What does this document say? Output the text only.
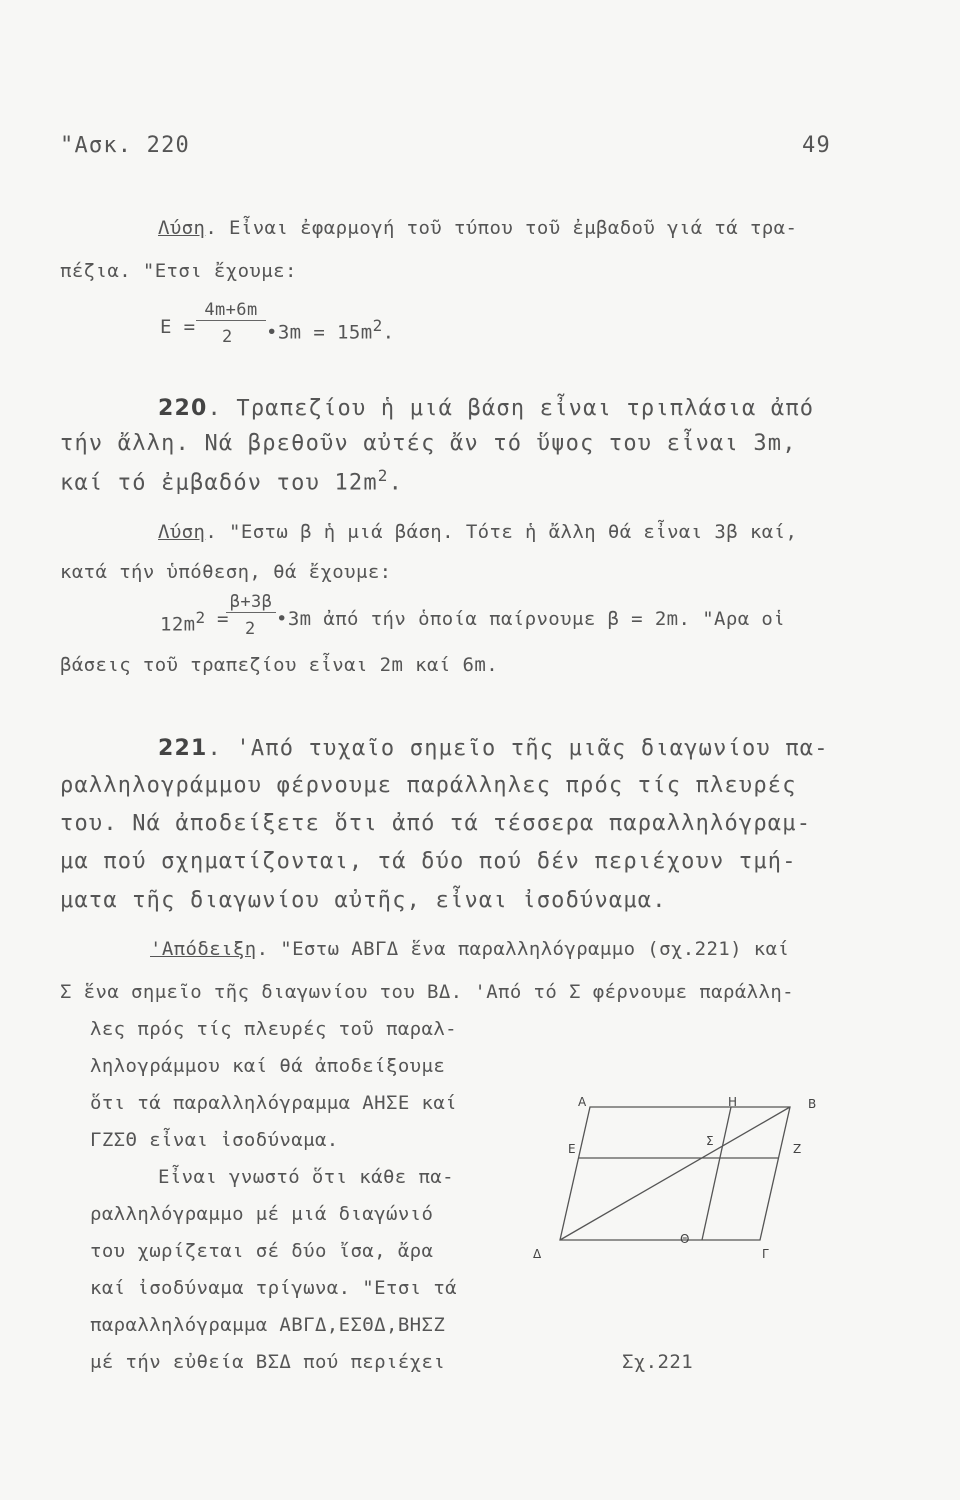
"Ασκ. 220	49
Λύση. Εἶναι ἐφαρμογή τοῦ τύπου τοῦ ἐμβαδοῦ γιά τά τρα-
πέζια. "Ετσι ἔχουμε:
Ε =
4m+6m
2 •3m = $15m^2$.
220. Τραπεζίου ἡ μιά βάση εἶναι τριπλάσια ἀπό
τήν ἄλλη. Νά βρεθοῦν αὐτές ἄν τό ὕψος του εἶναι 3m,
καί τό ἐμβαδόν του $12m^2$.
Λύση. "Εστω β ἡ μιά βάση. Τότε ἡ ἄλλη θά εἶναι 3β καί,
κατά τήν ὑπόθεση, θά ἔχουμε:
$12m^2$ =
β+3β
2 •3m ἀπό τήν ὁποία παίρνουμε β = 2m. "Αρα οἱ
βάσεις τοῦ τραπεζίου εἶναι 2m καί 6m.
221. 'Από τυχαῖο σημεῖο τῆς μιᾶς διαγωνίου πα-
ραλληλογράμμου φέρνουμε παράλληλες πρός τίς πλευρές
του. Νά ἀποδείξετε ὅτι ἀπό τά τέσσερα παραλληλόγραμ-
μα πού σχηματίζονται, τά δύο πού δέν περιέχουν τμή-
ματα τῆς διαγωνίου αὐτῆς, εἶναι ἰσοδύναμα.
'Απόδειξη. "Εστω ΑΒΓΔ ἕνα παραλληλόγραμμο (σχ.221) καί
Σ ἕνα σημεῖο τῆς διαγωνίου του ΒΔ. 'Από τό Σ φέρνουμε παράλλη-
λες πρός τίς πλευρές τοῦ παραλ-
ληλογράμμου καί θά ἀποδείξουμε
ὅτι τά παραλληλόγραμμα ΑΗΣΕ καί
ΓΖΣΘ εἶναι ἰσοδύναμα.
Εἶναι γνωστό ὅτι κάθε πα-
ραλληλόγραμμο μέ μιά διαγώνιό
του χωρίζεται σέ δύο ἴσα, ἄρα
καί ἰσοδύναμα τρίγωνα. "Ετσι τά
παραλληλόγραμμα ΑΒΓΔ,ΕΣΘΔ,ΒΗΣΖ
μέ τήν εὐθεία ΒΣΔ πού περιέχει
Α	Η	Β
Ε
Σ
Ζ
Δ
Θ
Γ
Σχ.221
